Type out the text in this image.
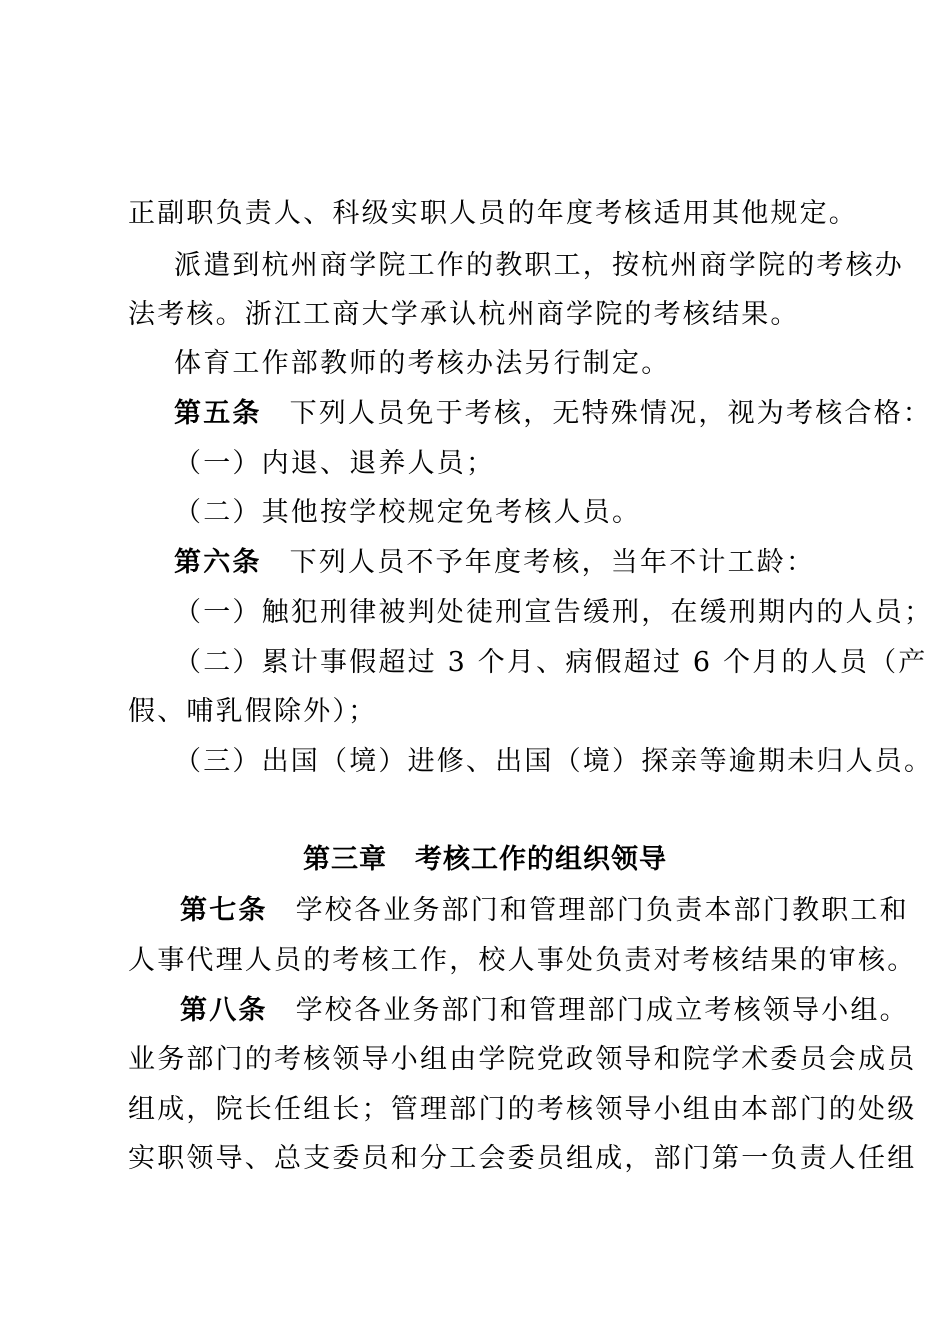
正副职负责人、科级实职人员的年度考核适用其他规定。
派遣到杭州商学院工作的教职工，按杭州商学院的考核办
法考核。浙江工商大学承认杭州商学院的考核结果。
体育工作部教师的考核办法另行制定。
第五条 下列人员免于考核，无特殊情况，视为考核合格：
（一）内退、退养人员；
（二）其他按学校规定免考核人员。
第六条 下列人员不予年度考核，当年不计工龄：
（一）触犯刑律被判处徒刑宣告缓刑，在缓刑期内的人员；
（二）累计事假超过 3 个月、病假超过 6 个月的人员（产
假、哺乳假除外）；
（三）出国（境）进修、出国（境）探亲等逾期未归人员。
第三章　考核工作的组织领导
第七条 学校各业务部门和管理部门负责本部门教职工和
人事代理人员的考核工作，校人事处负责对考核结果的审核。
第八条 学校各业务部门和管理部门成立考核领导小组。
业务部门的考核领导小组由学院党政领导和院学术委员会成员
组成，院长任组长；管理部门的考核领导小组由本部门的处级
实职领导、总支委员和分工会委员组成，部门第一负责人任组
